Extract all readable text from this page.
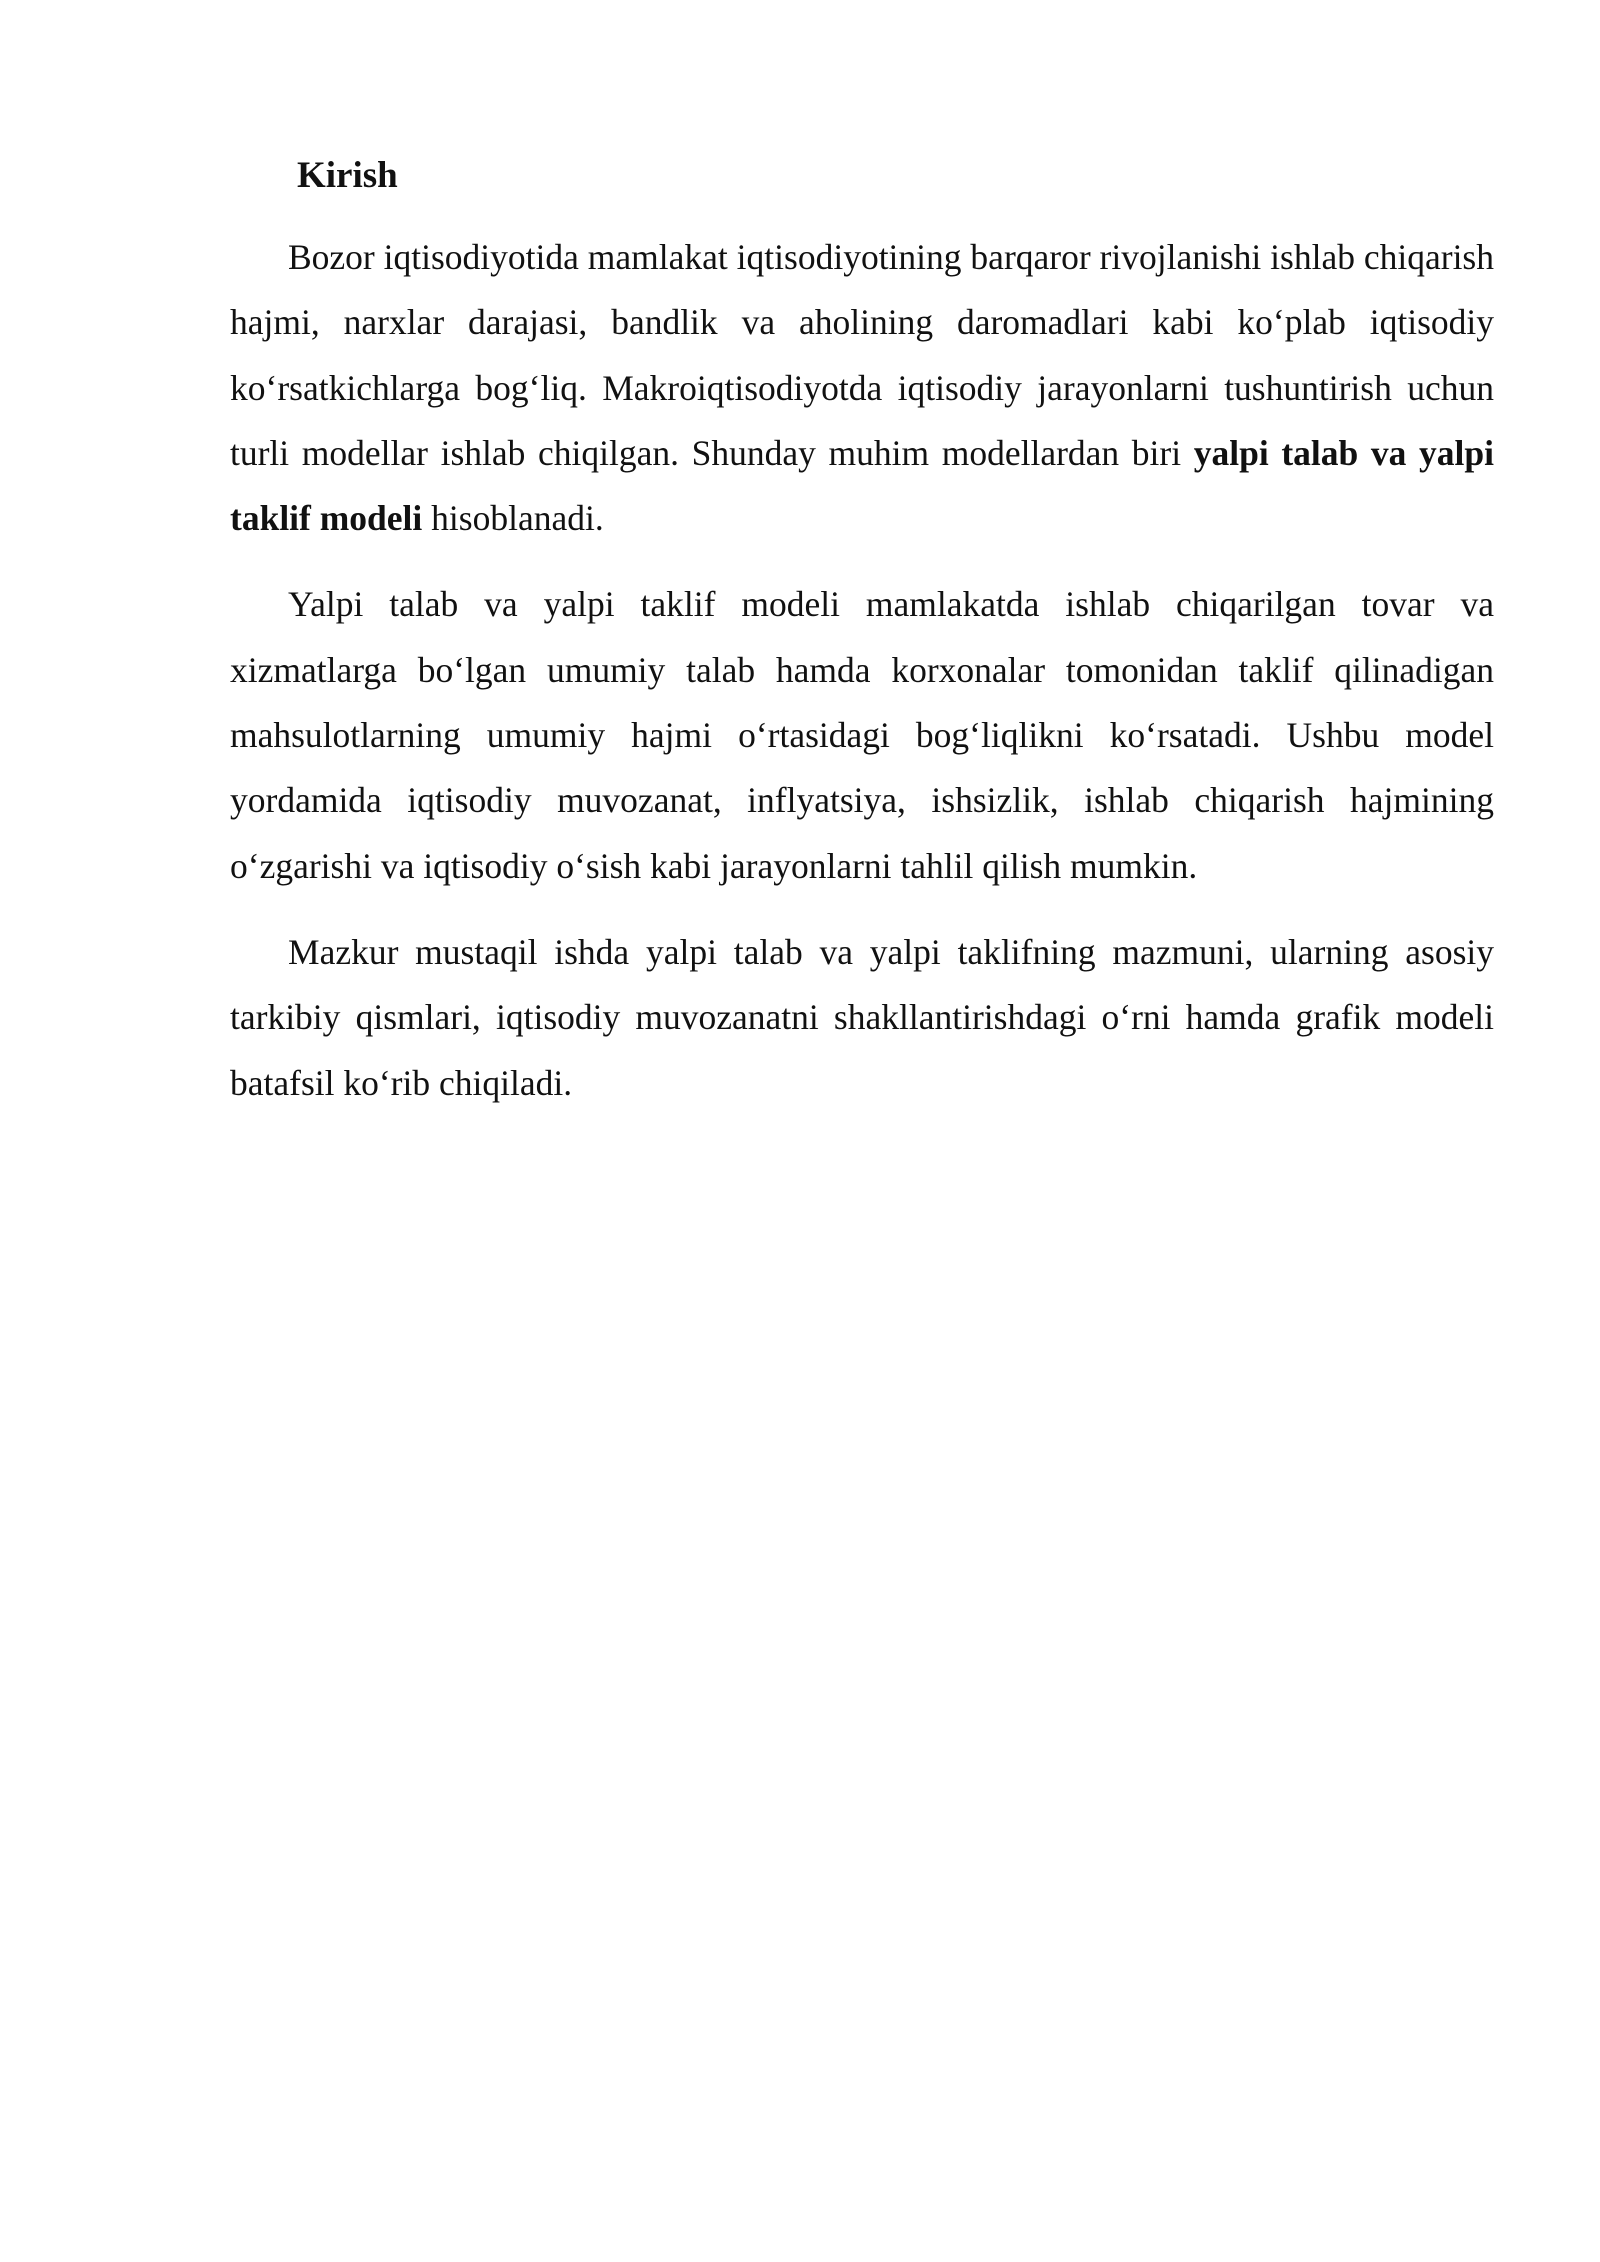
Kirish

Bozor iqtisodiyotida mamlakat iqtisodiyotining barqaror rivojlanishi ishlab chiqarish hajmi, narxlar darajasi, bandlik va aholining daromadlari kabi koʻplab iqtisodiy koʻrsatkichlarga bogʻliq. Makroiqtisodiyotda iqtisodiy jarayonlarni tushuntirish uchun turli modellar ishlab chiqilgan. Shunday muhim modellardan biri yalpi talab va yalpi taklif modeli hisoblanadi.

Yalpi talab va yalpi taklif modeli mamlakatda ishlab chiqarilgan tovar va xizmatlarga boʻlgan umumiy talab hamda korxonalar tomonidan taklif qilinadigan mahsulotlarning umumiy hajmi oʻrtasidagi bogʻliqlikni koʻrsatadi. Ushbu model yordamida iqtisodiy muvozanat, inflyatsiya, ishsizlik, ishlab chiqarish hajmining oʻzgarishi va iqtisodiy oʻsish kabi jarayonlarni tahlil qilish mumkin.

Mazkur mustaqil ishda yalpi talab va yalpi taklifning mazmuni, ularning asosiy tarkibiy qismlari, iqtisodiy muvozanatni shakllantirishdagi oʻrni hamda grafik modeli batafsil koʻrib chiqiladi.
